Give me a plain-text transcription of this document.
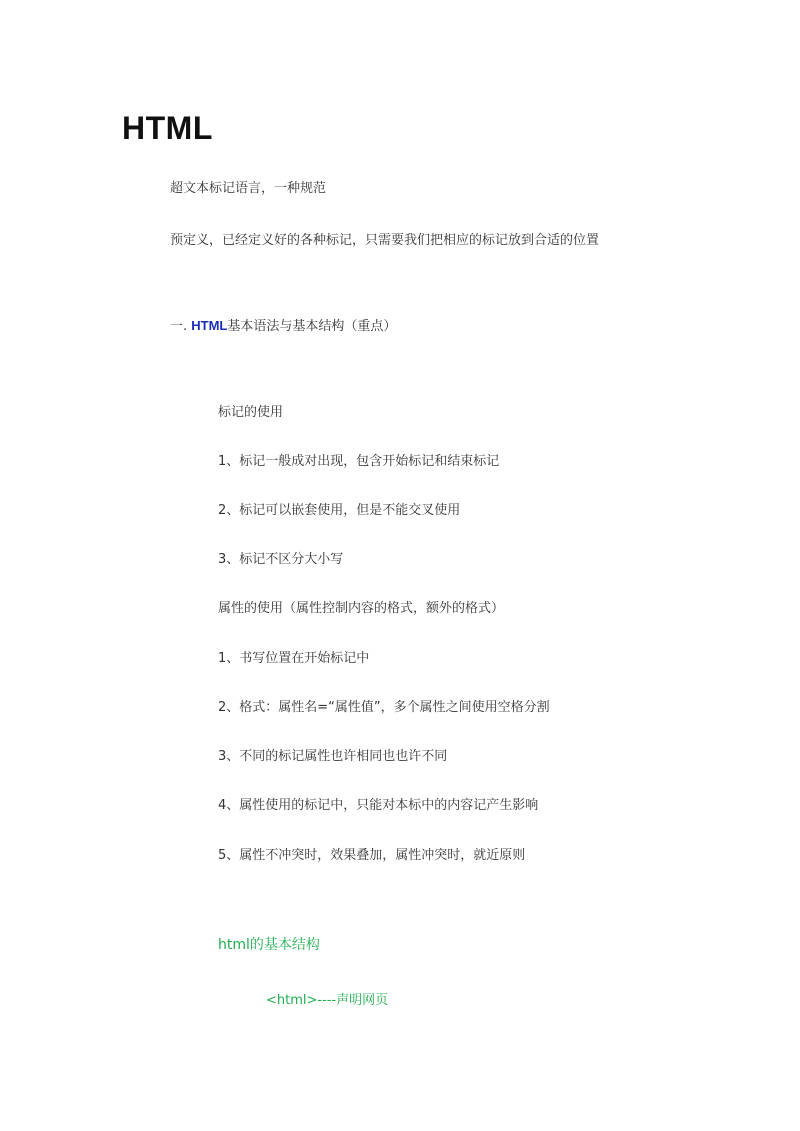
HTML

超文本标记语言，一种规范

预定义，已经定义好的各种标记，只需要我们把相应的标记放到合适的位置

一. HTML基本语法与基本结构（重点）

标记的使用

1、标记一般成对出现，包含开始标记和结束标记

2、标记可以嵌套使用，但是不能交叉使用

3、标记不区分大小写

属性的使用（属性控制内容的格式，额外的格式）

1、书写位置在开始标记中

2、格式：属性名=“属性值”，多个属性之间使用空格分割

3、不同的标记属性也许相同也也许不同

4、属性使用的标记中，只能对本标中的内容记产生影响

5、属性不冲突时，效果叠加，属性冲突时，就近原则

html的基本结构

<html>----声明网页
